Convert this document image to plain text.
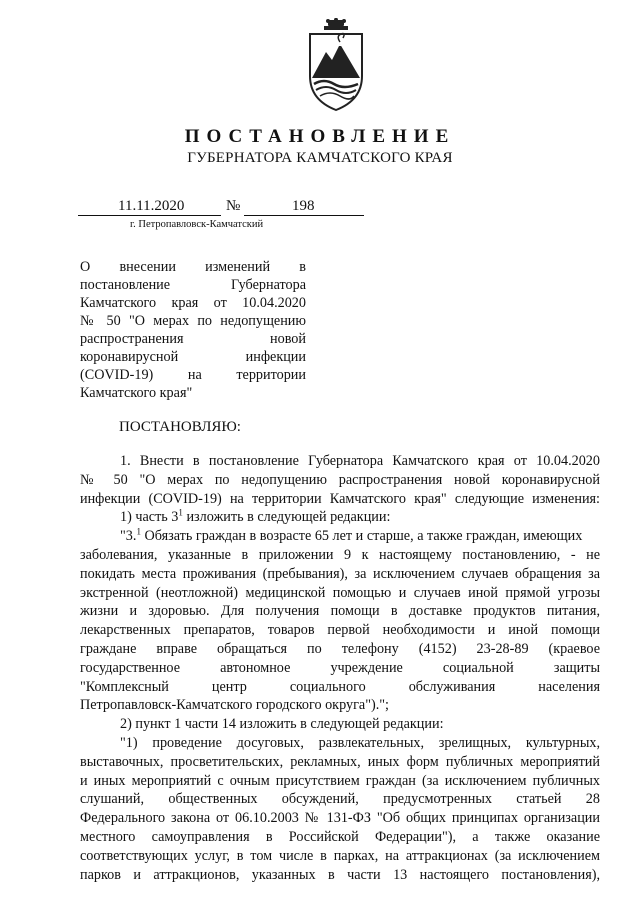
ПОСТАНОВЛЕНИЕ
ГУБЕРНАТОРА КАМЧАТСКОГО КРАЯ
11.11.2020	№	198
г. Петропавловск-Камчатский
О внесении изменений в
постановление Губернатора
Камчатского края от 10.04.2020
№ 50 "О мерах по недопущению
распространения новой
коронавирусной инфекции
(COVID-19) на территории
Камчатского края"
ПОСТАНОВЛЯЮ:
1. Внести в постановление Губернатора Камчатского края от 10.04.2020
№ 50 "О мерах по недопущению распространения новой коронавирусной
инфекции (COVID-19) на территории Камчатского края" следующие изменения:
1) часть $3^1$ изложить в следующей редакции:
"3.$^1$ Обязать граждан в возрасте 65 лет и старше, а также граждан, имеющих
заболевания, указанные в приложении 9 к настоящему постановлению, - не
покидать места проживания (пребывания), за исключением случаев обращения за
экстренной (неотложной) медицинской помощью и случаев иной прямой угрозы
жизни и здоровью. Для получения помощи в доставке продуктов питания,
лекарственных препаратов, товаров первой необходимости и иной помощи
граждане вправе обращаться по телефону (4152) 23-28-89 (краевое
государственное автономное учреждение социальной защиты
"Комплексный центр социального обслуживания населения
Петропавловск-Камчатского городского округа").";
2) пункт 1 части 14 изложить в следующей редакции:
"1) проведение досуговых, развлекательных, зрелищных, культурных,
выставочных, просветительских, рекламных, иных форм публичных мероприятий
и иных мероприятий с очным присутствием граждан (за исключением публичных
слушаний, общественных обсуждений, предусмотренных статьей 28
Федерального закона от 06.10.2003 № 131-ФЗ "Об общих принципах организации
местного самоуправления в Российской Федерации"), а также оказание
соответствующих услуг, в том числе в парках, на аттракционах (за исключением
парков и аттракционов, указанных в части 13 настоящего постановления),
